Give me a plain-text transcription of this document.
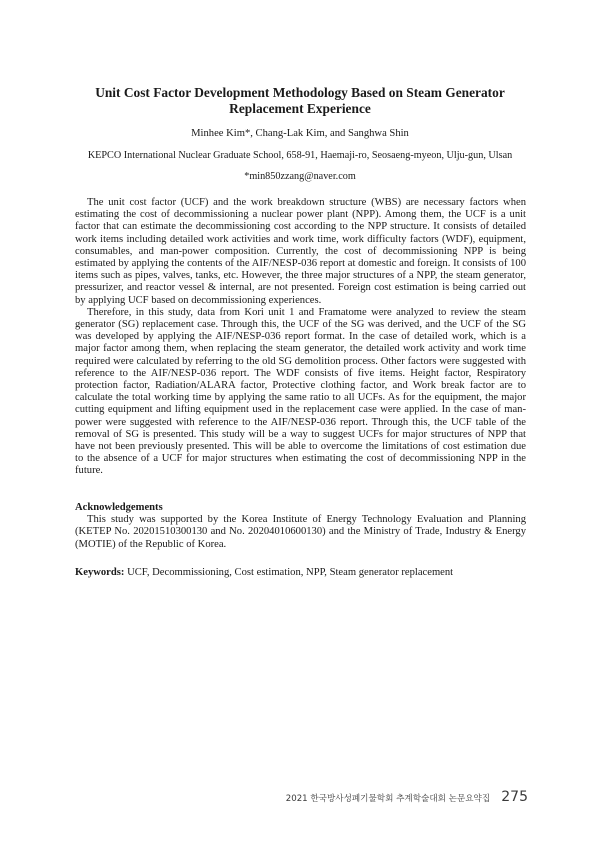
Unit Cost Factor Development Methodology Based on Steam Generator
Replacement Experience
Minhee Kim*, Chang-Lak Kim, and Sanghwa Shin
KEPCO International Nuclear Graduate School, 658-91, Haemaji-ro, Seosaeng-myeon, Ulju-gun, Ulsan
*min850zzang@naver.com

The unit cost factor (UCF) and the work breakdown structure (WBS) are necessary factors when estimating the cost of decommissioning a nuclear power plant (NPP). Among them, the UCF is a unit factor that can estimate the decommissioning cost according to the NPP structure. It consists of detailed work items including detailed work activities and work time, work difficulty factors (WDF), equipment, consumables, and man-power composition. Currently, the cost of decommissioning NPP is being estimated by applying the contents of the AIF/NESP-036 report at domestic and foreign. It consists of 100 items such as pipes, valves, tanks, etc. However, the three major structures of a NPP, the steam generator, pressurizer, and reactor vessel & internal, are not presented. Foreign cost estimation is being carried out by applying UCF based on decommissioning experiences.

Therefore, in this study, data from Kori unit 1 and Framatome were analyzed to review the steam generator (SG) replacement case. Through this, the UCF of the SG was derived, and the UCF of the SG was developed by applying the AIF/NESP-036 report format. In the case of detailed work, which is a major factor among them, when replacing the steam generator, the detailed work activity and work time required were calculated by referring to the old SG demolition process. Other factors were suggested with reference to the AIF/NESP-036 report. The WDF consists of five items. Height factor, Respiratory protection factor, Radiation/ALARA factor, Protective clothing factor, and Work break factor are to calculate the total working time by applying the same ratio to all UCFs. As for the equipment, the major cutting equipment and lifting equipment used in the replacement case were applied. In the case of man-power were suggested with reference to the AIF/NESP-036 report. Through this, the UCF table of the removal of SG is presented. This study will be a way to suggest UCFs for major structures of NPP that have not been previously presented. This will be able to overcome the limitations of cost estimation due to the absence of a UCF for major structures when estimating the cost of decommissioning NPP in the future.

Acknowledgements

This study was supported by the Korea Institute of Energy Technology Evaluation and Planning (KETEP No. 20201510300130 and No. 20204010600130) and the Ministry of Trade, Industry & Energy (MOTIE) of the Republic of Korea.

Keywords: UCF, Decommissioning, Cost estimation, NPP, Steam generator replacement
2021 한국방사성폐기물학회 추계학술대회 논문요약집 275
